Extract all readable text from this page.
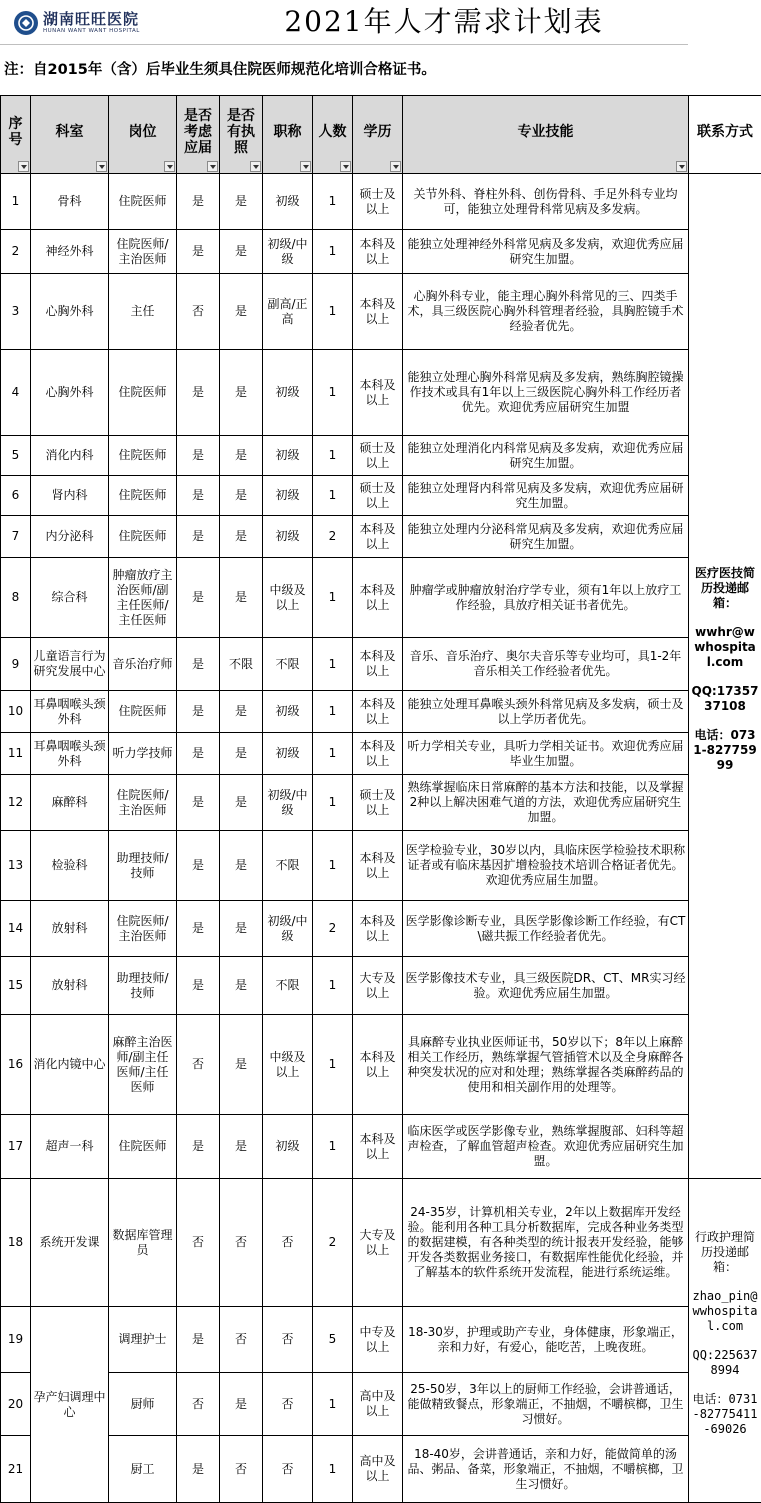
湖南旺旺医院
HUNAN WANT WANT HOSPITAL	2021年人才需求计划表
注：自2015年（含）后毕业生须具住院医师规范化培训合格证书。
序号	科室	岗位	是否考虑应届	是否有执照	职称	人数	学历	专业技能	联系方式
1	骨科	住院医师	是	是	初级	1	硕士及以上	关节外科、脊柱外科、创伤骨科、手足外科专业均可，能独立处理骨科常见病及多发病。	医疗医技简历投递邮箱：
wwhr@wwhospital.com
QQ:1735737108
电话：0731-82775999

2	神经外科	住院医师/主治医师	是	是	初级/中级	1	本科及以上	能独立处理神经外科常见病及多发病，欢迎优秀应届研究生加盟。	
3	心胸外科	主任	否	是	副高/正高	1	本科及以上	心胸外科专业，能主理心胸外科常见的三、四类手术，具三级医院心胸外科管理者经验，具胸腔镜手术经验者优先。	
4	心胸外科	住院医师	是	是	初级	1	本科及以上	能独立处理心胸外科常见病及多发病，熟练胸腔镜操作技术或具有1年以上三级医院心胸外科工作经历者优先。欢迎优秀应届研究生加盟	
5	消化内科	住院医师	是	是	初级	1	硕士及以上	能独立处理消化内科常见病及多发病，欢迎优秀应届研究生加盟。	
6	肾内科	住院医师	是	是	初级	1	硕士及以上	能独立处理肾内科常见病及多发病，欢迎优秀应届研究生加盟。	
7	内分泌科	住院医师	是	是	初级	2	本科及以上	能独立处理内分泌科常见病及多发病，欢迎优秀应届研究生加盟。	
8	综合科	肿瘤放疗主治医师/副主任医师/主任医师	是	是	中级及以上	1	本科及以上	肿瘤学或肿瘤放射治疗学专业，须有1年以上放疗工作经验，具放疗相关证书者优先。	
9	儿童语言行为研究发展中心	音乐治疗师	是	不限	不限	1	本科及以上	音乐、音乐治疗、奥尔夫音乐等专业均可，具1-2年音乐相关工作经验者优先。	
10	耳鼻咽喉头颈外科	住院医师	是	是	初级	1	本科及以上	能独立处理耳鼻喉头颈外科常见病及多发病，硕士及以上学历者优先。	
11	耳鼻咽喉头颈外科	听力学技师	是	是	初级	1	本科及以上	听力学相关专业，具听力学相关证书。欢迎优秀应届毕业生加盟。	
12	麻醉科	住院医师/主治医师	是	是	初级/中级	1	硕士及以上	熟练掌握临床日常麻醉的基本方法和技能，以及掌握2种以上解决困难气道的方法，欢迎优秀应届研究生加盟。	
13	检验科	助理技师/技师	是	是	不限	1	本科及以上	医学检验专业，30岁以内，具临床医学检验技术职称证者或有临床基因扩增检验技术培训合格证者优先。欢迎优秀应届生加盟。	
14	放射科	住院医师/主治医师	是	是	初级/中级	2	本科及以上	医学影像诊断专业，具医学影像诊断工作经验，有CT\磁共振工作经验者优先。	
15	放射科	助理技师/技师	是	是	不限	1	大专及以上	医学影像技术专业，具三级医院DR、CT、MR实习经验。欢迎优秀应届生加盟。	
16	消化内镜中心	麻醉主治医师/副主任医师/主任医师	否	是	中级及以上	1	本科及以上	具麻醉专业执业医师证书，50岁以下；8年以上麻醉相关工作经历，熟练掌握气管插管术以及全身麻醉各种突发状况的应对和处理；熟练掌握各类麻醉药品的使用和相关副作用的处理等。	
17	超声一科	住院医师	是	是	初级	1	本科及以上	临床医学或医学影像专业，熟练掌握腹部、妇科等超声检查，了解血管超声检查。欢迎优秀应届研究生加盟。	
18	系统开发课	数据库管理员	否	否	否	2	大专及以上	24-35岁，计算机相关专业，2年以上数据库开发经验。能利用各种工具分析数据库，完成各种业务类型的数据建模，有各种类型的统计报表开发经验，能够开发各类数据业务接口，有数据库性能优化经验，并了解基本的软件系统开发流程，能进行系统运维。	行政护理简历投递邮箱：
zhao_pin@wwhospital.com
QQ:2256378994
电话：0731-82775411-69026

19	孕产妇调理中心	调理护士	是	否	否	5	中专及以上	18-30岁，护理或助产专业，身体健康，形象端正，亲和力好，有爱心，能吃苦，上晚夜班。	
20		厨师	否	是	否	1	高中及以上	25-50岁，3年以上的厨师工作经验，会讲普通话，能做精致餐点，形象端正，不抽烟，不嚼槟榔，卫生习惯好。	
21		厨工	是	否	否	1	高中及以上	18-40岁，会讲普通话，亲和力好，能做简单的汤品、粥品、备菜，形象端正，不抽烟，不嚼槟榔，卫生习惯好。	
